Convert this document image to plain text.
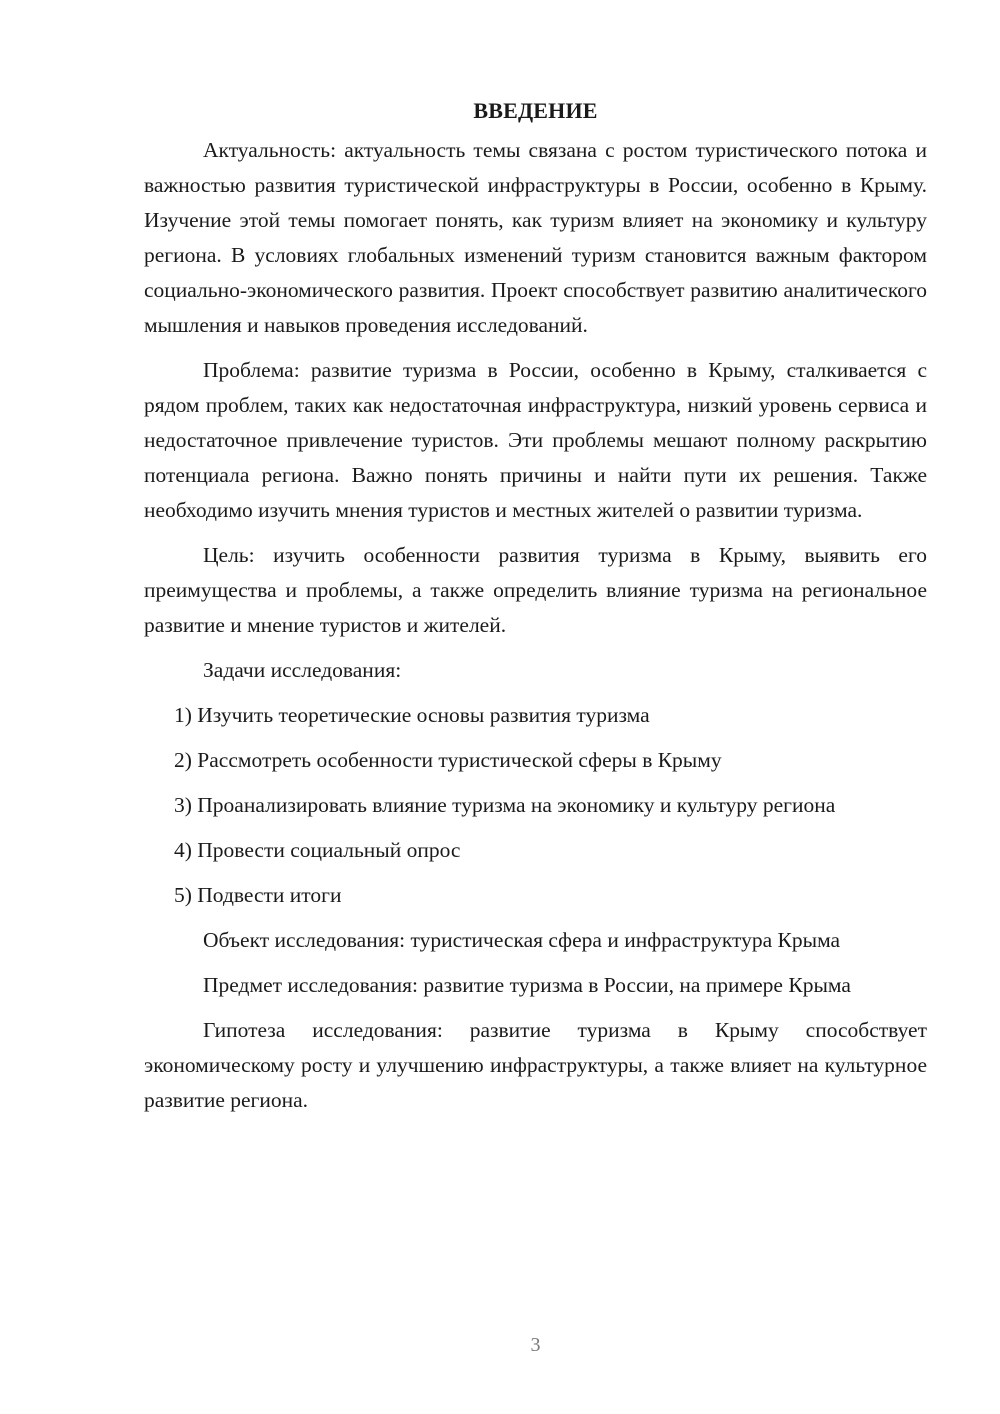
ВВЕДЕНИЕ

Актуальность: актуальность темы связана с ростом туристического потока и важностью развития туристической инфраструктуры в России, особенно в Крыму. Изучение этой темы помогает понять, как туризм влияет на экономику и культуру региона. В условиях глобальных изменений туризм становится важным фактором социально-экономического развития. Проект способствует развитию аналитического мышления и навыков проведения исследований.

Проблема: развитие туризма в России, особенно в Крыму, сталкивается с рядом проблем, таких как недостаточная инфраструктура, низкий уровень сервиса и недостаточное привлечение туристов. Эти проблемы мешают полному раскрытию потенциала региона. Важно понять причины и найти пути их решения. Также необходимо изучить мнения туристов и местных жителей о развитии туризма.

Цель: изучить особенности развития туризма в Крыму, выявить его преимущества и проблемы, а также определить влияние туризма на региональное развитие и мнение туристов и жителей.

Задачи исследования:

1) Изучить теоретические основы развития туризма

2) Рассмотреть особенности туристической сферы в Крыму

3) Проанализировать влияние туризма на экономику и культуру региона

4) Провести социальный опрос

5) Подвести итоги

Объект исследования: туристическая сфера и инфраструктура Крыма

Предмет исследования: развитие туризма в России, на примере Крыма

Гипотеза исследования: развитие туризма в Крыму способствует экономическому росту и улучшению инфраструктуры, а также влияет на культурное развитие региона.

3
